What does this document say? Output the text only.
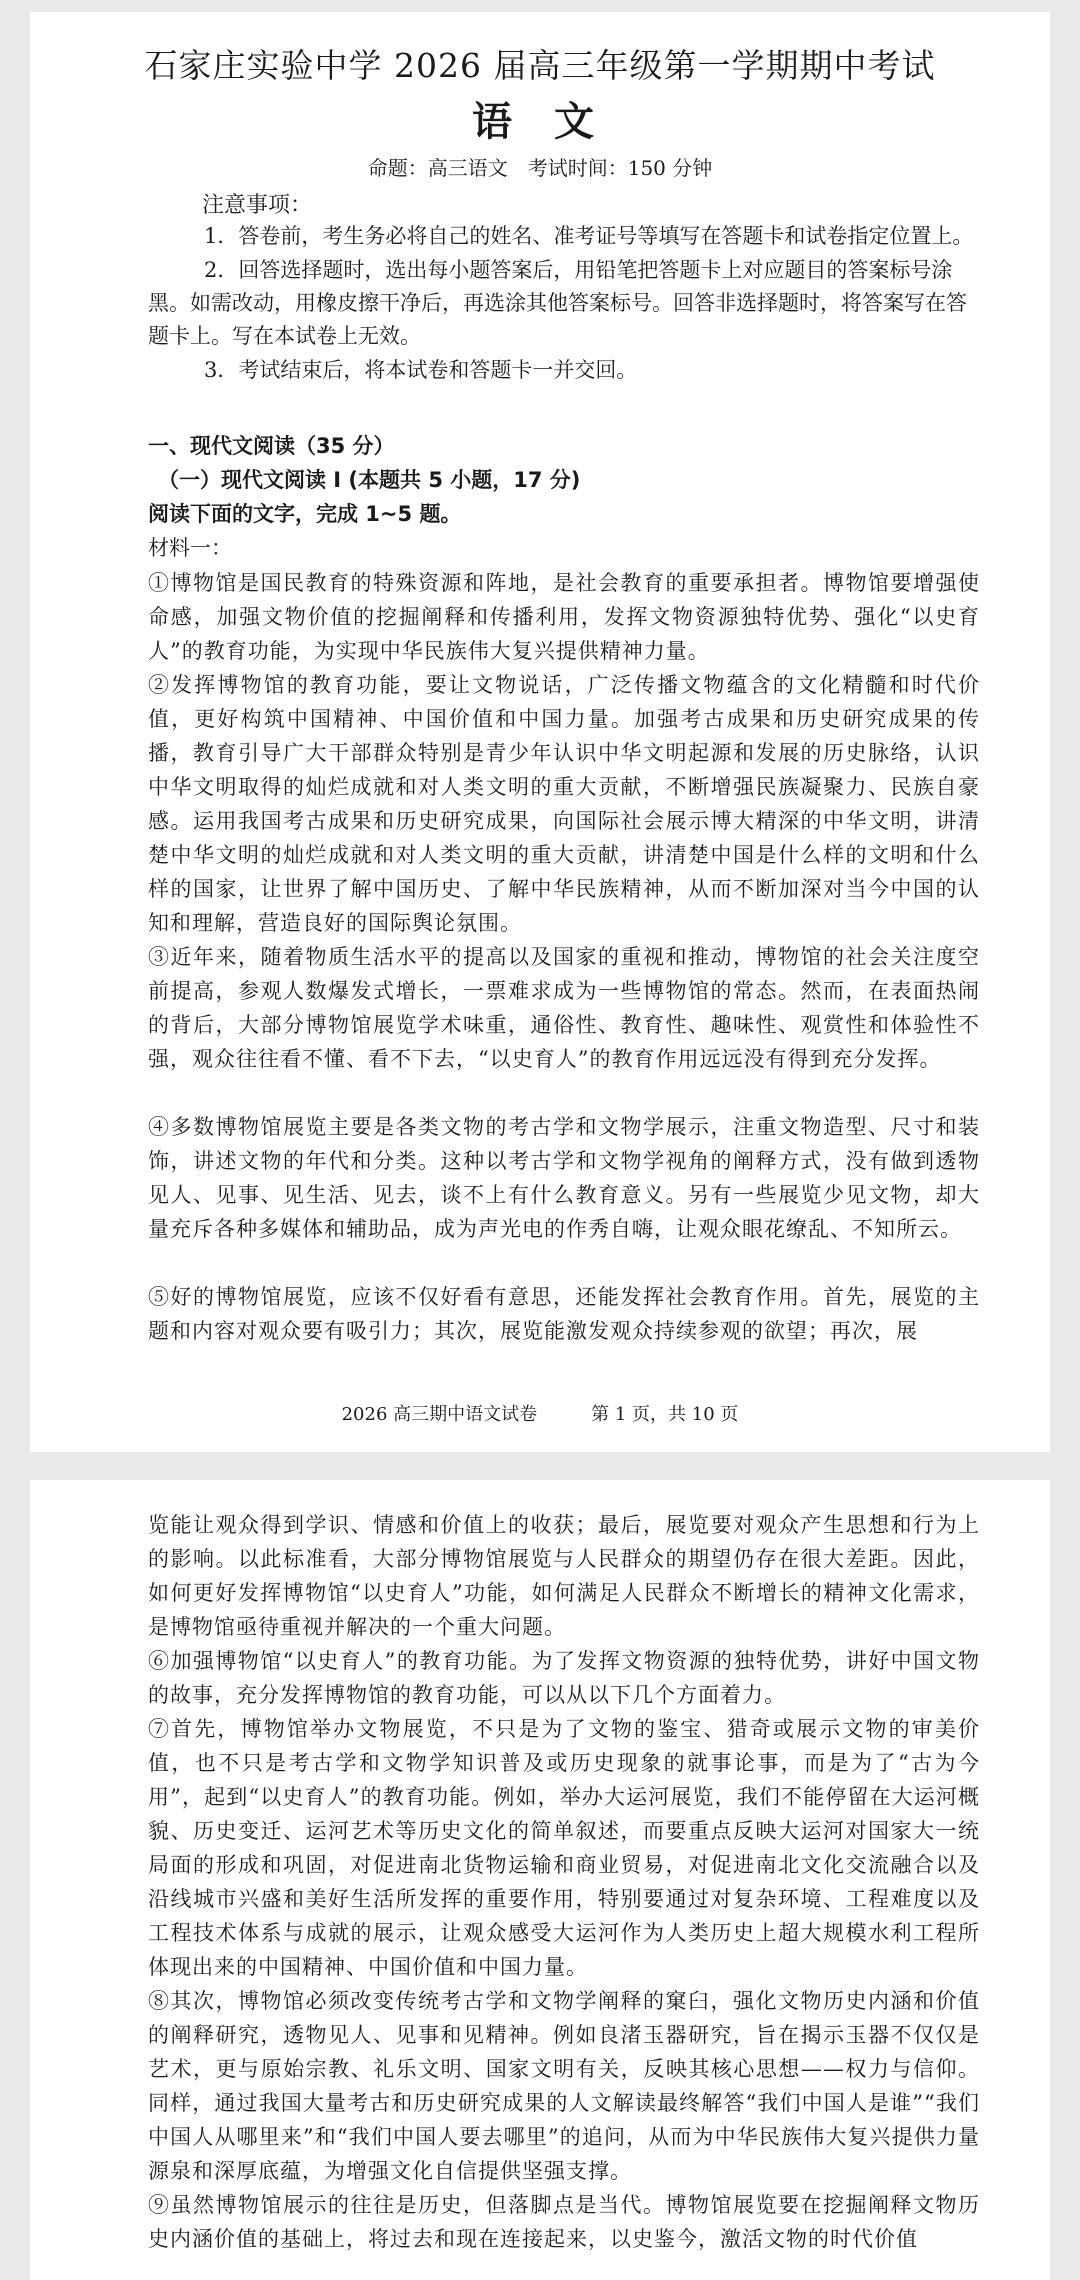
石家庄实验中学 2026 届高三年级第一学期期中考试
语 文
命题：高三语文　考试时间：150 分钟
注意事项：

1．答卷前，考生务必将自己的姓名、准考证号等填写在答题卡和试卷指定位置上。

2．回答选择题时，选出每小题答案后，用铅笔把答题卡上对应题目的答案标号涂黑。如需改动，用橡皮擦干净后，再选涂其他答案标号。回答非选择题时，将答案写在答题卡上。写在本试卷上无效。

3．考试结束后，将本试卷和答题卡一并交回。

一、现代文阅读（35 分）
（一）现代文阅读 I (本题共 5 小题，17 分)
阅读下面的文字，完成 1~5 题。
材料一：

①博物馆是国民教育的特殊资源和阵地，是社会教育的重要承担者。博物馆要增强使命感，加强文物价值的挖掘阐释和传播利用，发挥文物资源独特优势、强化“以史育人”的教育功能，为实现中华民族伟大复兴提供精神力量。

②发挥博物馆的教育功能，要让文物说话，广泛传播文物蕴含的文化精髓和时代价值，更好构筑中国精神、中国价值和中国力量。加强考古成果和历史研究成果的传播，教育引导广大干部群众特别是青少年认识中华文明起源和发展的历史脉络，认识中华文明取得的灿烂成就和对人类文明的重大贡献，不断增强民族凝聚力、民族自豪感。运用我国考古成果和历史研究成果，向国际社会展示博大精深的中华文明，讲清楚中华文明的灿烂成就和对人类文明的重大贡献，讲清楚中国是什么样的文明和什么样的国家，让世界了解中国历史、了解中华民族精神，从而不断加深对当今中国的认知和理解，营造良好的国际舆论氛围。

③近年来，随着物质生活水平的提高以及国家的重视和推动，博物馆的社会关注度空前提高，参观人数爆发式增长，一票难求成为一些博物馆的常态。然而，在表面热闹的背后，大部分博物馆展览学术味重，通俗性、教育性、趣味性、观赏性和体验性不强，观众往往看不懂、看不下去，“以史育人”的教育作用远远没有得到充分发挥。

④多数博物馆展览主要是各类文物的考古学和文物学展示，注重文物造型、尺寸和装饰，讲述文物的年代和分类。这种以考古学和文物学视角的阐释方式，没有做到透物见人、见事、见生活、见去，谈不上有什么教育意义。另有一些展览少见文物，却大量充斥各种多媒体和辅助品，成为声光电的作秀自嗨，让观众眼花缭乱、不知所云。

⑤好的博物馆展览，应该不仅好看有意思，还能发挥社会教育作用。首先，展览的主题和内容对观众要有吸引力；其次，展览能激发观众持续参观的欲望；再次，展

2026 高三期中语文试卷　　　第 1 页，共 10 页

览能让观众得到学识、情感和价值上的收获；最后，展览要对观众产生思想和行为上的影响。以此标准看，大部分博物馆展览与人民群众的期望仍存在很大差距。因此，如何更好发挥博物馆“以史育人”功能，如何满足人民群众不断增长的精神文化需求，是博物馆亟待重视并解决的一个重大问题。

⑥加强博物馆“以史育人”的教育功能。为了发挥文物资源的独特优势，讲好中国文物的故事，充分发挥博物馆的教育功能，可以从以下几个方面着力。

⑦首先，博物馆举办文物展览，不只是为了文物的鉴宝、猎奇或展示文物的审美价值，也不只是考古学和文物学知识普及或历史现象的就事论事，而是为了“古为今用”，起到“以史育人”的教育功能。例如，举办大运河展览，我们不能停留在大运河概貌、历史变迁、运河艺术等历史文化的简单叙述，而要重点反映大运河对国家大一统局面的形成和巩固，对促进南北货物运输和商业贸易，对促进南北文化交流融合以及沿线城市兴盛和美好生活所发挥的重要作用，特别要通过对复杂环境、工程难度以及工程技术体系与成就的展示，让观众感受大运河作为人类历史上超大规模水利工程所体现出来的中国精神、中国价值和中国力量。

⑧其次，博物馆必须改变传统考古学和文物学阐释的窠臼，强化文物历史内涵和价值的阐释研究，透物见人、见事和见精神。例如良渚玉器研究，旨在揭示玉器不仅仅是艺术，更与原始宗教、礼乐文明、国家文明有关，反映其核心思想——权力与信仰。同样，通过我国大量考古和历史研究成果的人文解读最终解答“我们中国人是谁”“我们中国人从哪里来”和“我们中国人要去哪里”的追问，从而为中华民族伟大复兴提供力量源泉和深厚底蕴，为增强文化自信提供坚强支撑。

⑨虽然博物馆展示的往往是历史，但落脚点是当代。博物馆展览要在挖掘阐释文物历史内涵价值的基础上，将过去和现在连接起来，以史鉴今，激活文物的时代价值
